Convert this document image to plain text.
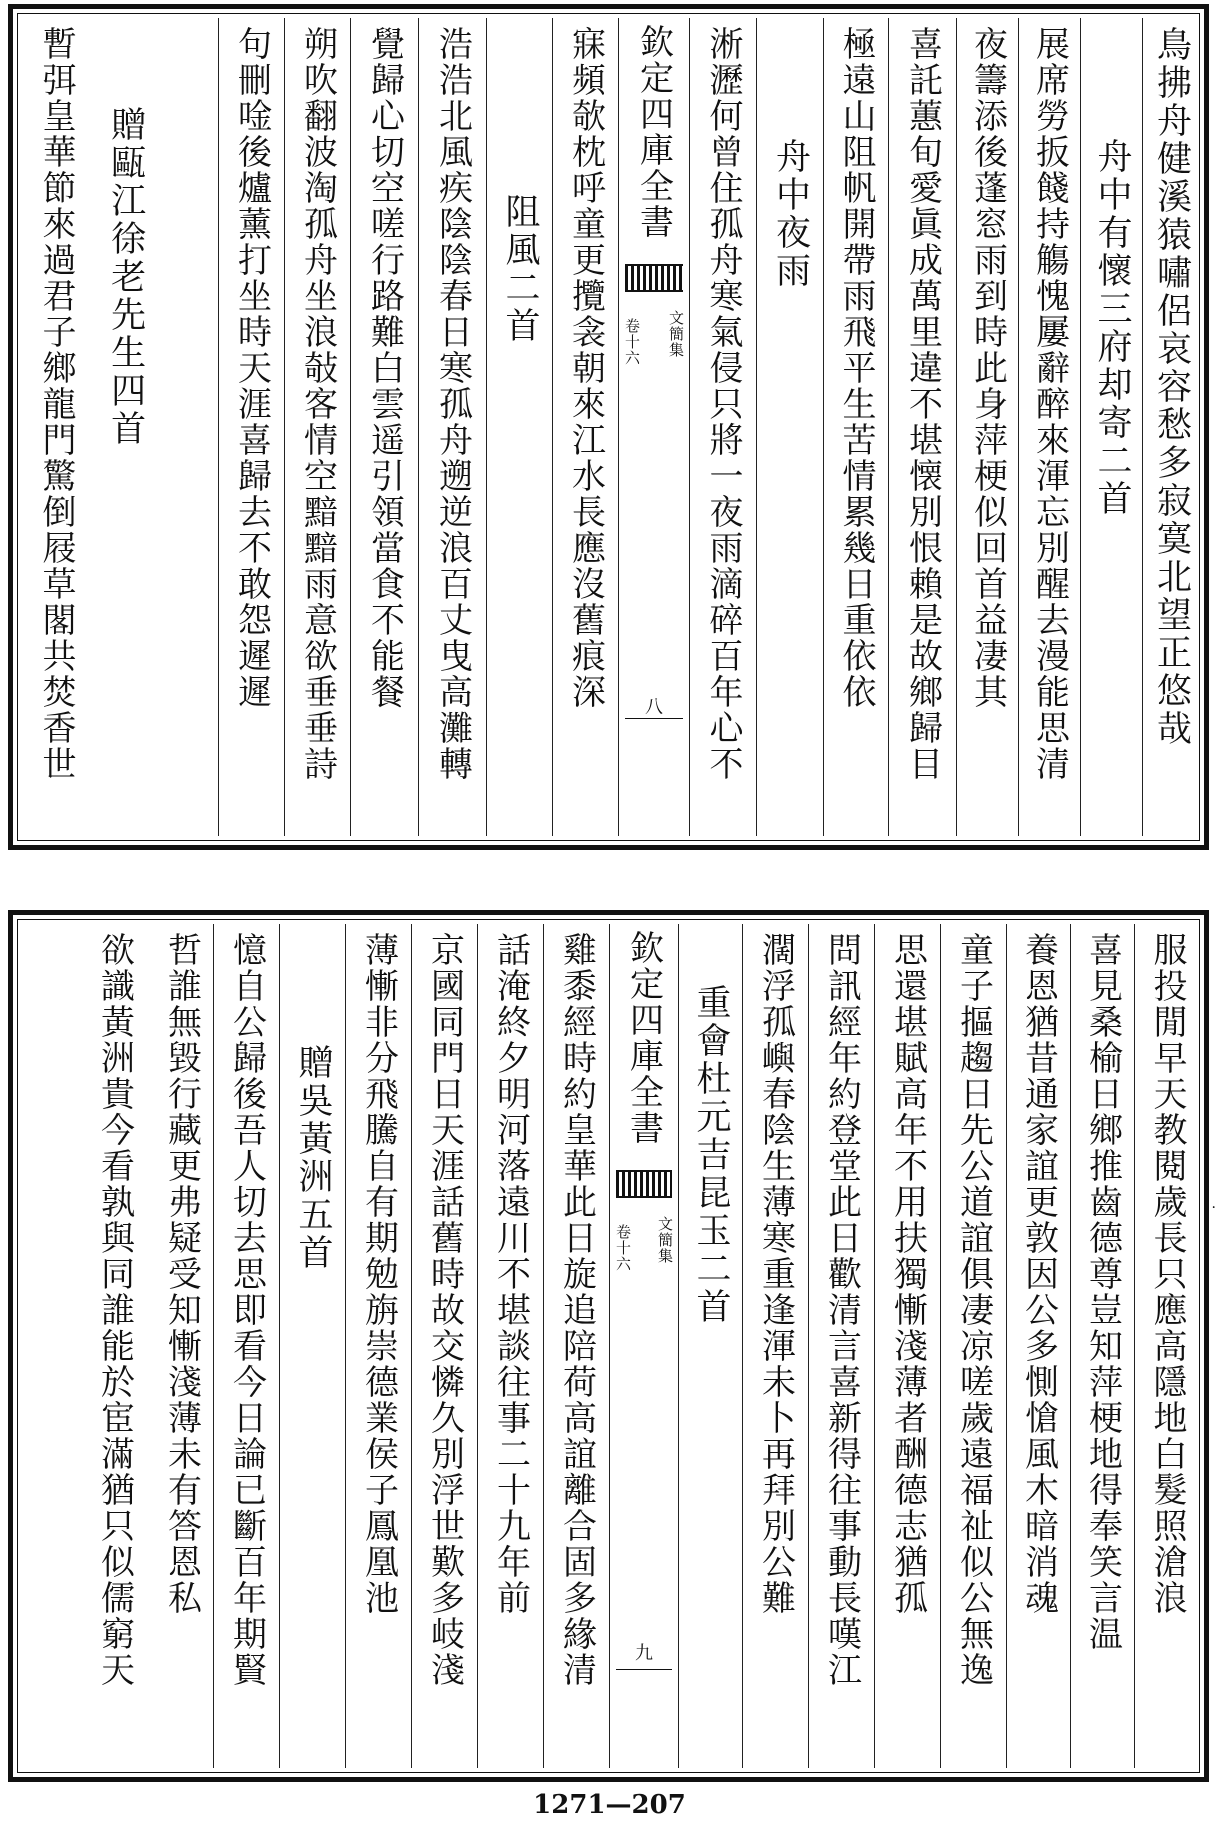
鳥拂舟健溪猿嘯侶哀容愁多寂寞北望正悠哉
舟中有懷三府却寄二首
展席勞扳餞持觴愧屢辭醉來渾忘別醒去漫能思清
夜籌添後蓬窓雨到時此身萍梗似回首益凄其
喜託蕙旬愛眞成萬里違不堪懐別恨賴是故鄉歸目
極遠山阻帆開帶雨飛平生苦情累幾日重依依
舟中夜雨
淅瀝何曾住孤舟寒氣侵只將一夜雨滴碎百年心不
欽定四庫全書
文簡集
卷十六
八
寐頻欹枕呼童更攬衾朝來江水長應沒舊痕深
阻風二首
浩浩北風疾陰陰春日寒孤舟遡逆浪百丈曳高灘轉
覺歸心切空嗟行路難白雲遥引領當食不能餐
朔吹翻波淘孤舟坐浪敧客情空黯黯雨意欲垂垂詩
句刪唫後爐薰打坐時天涯喜歸去不敢怨遲遲
贈甌江徐老先生四首
暫弭皇華節來過君子鄉龍門驚倒屐草閣共焚香世
服投閒早天教閱歲長只應高隱地白髮照滄浪
喜見桑榆日鄉推齒德尊豈知萍梗地得奉笑言温
養恩猶昔通家誼更敦因公多惻愴風木暗消魂
童子摳趨日先公道誼俱凄凉嗟歲遠福祉似公無逸
思還堪賦高年不用扶獨慚淺薄者酬德志猶孤
問訊經年約登堂此日歡清言喜新得往事動長嘆江
濶浮孤嶼春陰生薄寒重逢渾未卜再拜別公難
重會杜元吉昆玉二首
欽定四庫全書
文簡集
卷十六
九
雞黍經時約皇華此日旋追陪荷高誼離合固多緣清
話淹終夕明河落遠川不堪談往事二十九年前
京國同門日天涯話舊時故交憐久別浮世歎多岐淺
薄慚非分飛騰自有期勉旃崇德業侯子鳳凰池
贈吳黃洲五首
憶自公歸後吾人切去思即看今日論已斷百年期賢
哲誰無毀行藏更弗疑受知慚淺薄未有答恩私
欲識黃洲貴今看孰與同誰能於宦滿猶只似儒窮天	·
1271—207
